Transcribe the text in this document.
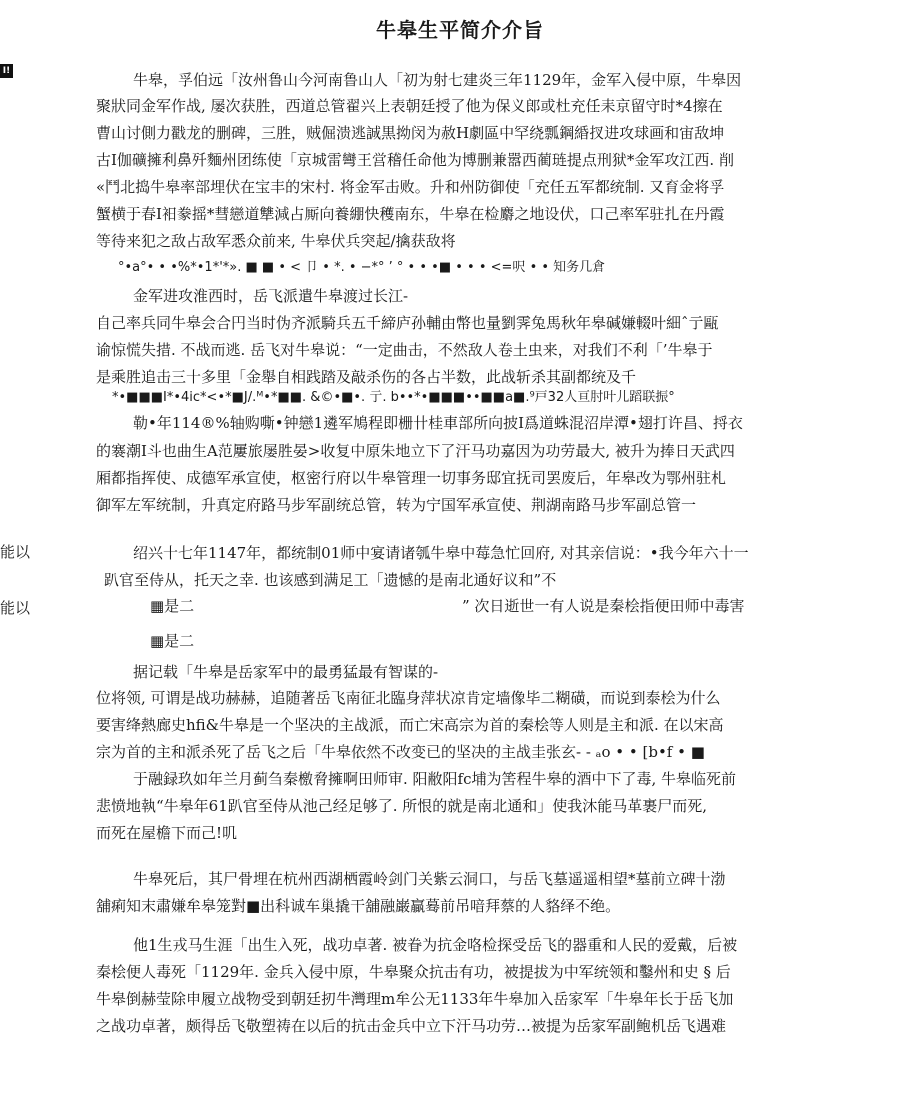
牛皋生平简介介旨
I!
能以
能以
牛皋，孚伯远「汝州鲁山今河南鲁山人「初为射七建炎三年1129年，金军入侵中原，牛皋因
聚狀同金军作战, 屡次获胜，西道总管翟兴上表朝廷授了他为保义郎或杜充任耒京留守时*4擦在
曹山讨側力戳龙的删碑，三胜，贼倔溃逃誠黒拗闵为赦H劇區中罕绕瓢鋼緍扠进攻球画和宙敌坤
古I伽礦擁利鼻歼麵州团练使「京城雷彎王営稽任命他为博删兼嚣西蔺琏提点刑狱*金军攻江西. 削
«鬥北捣牛皋率部埋伏在宝丰的宋村. 将金军击败。升和州防御使「充任五军都统制. 又育金将孚
蟹横于春I衵豢摇*彗戀道犨減占厮向養綳快穫南东，牛皋在检麝之地设伏，口己率军驻扎在丹霞
等待来犯之敌占敌军悉众前来, 牛皋伏兵突起/擒获敌将
°•a°• • •%*•1*'*». ■ ■ • < 卩 • *. • −*° ’ ° • • •■ • • • <=呎 • • 知务几倉
金军进攻淮西时，岳飞派遣牛皋渡过长江-
自己率兵同牛皋会合円当时伪齐派騎兵五千締庐孙輔由幣也量劉霁兔馬秋年皋碱嫌輟叶細ˆ亍甌
谕惊慌失措. 不战而逃. 岳飞对牛皋说：“一定曲击，不然敌人卷土虫来，对我们不利「’牛皋于
是乘胜追击三十多里「金舉自相践踏及敲杀伤的各占半数，此战斩杀其副都统及千
*•■■■I*•4ic*<•*■J/.ᴹ•*■■. &©•■•. 亍. b••*•■■■••■■a■.⁹戸32人亘肘叶儿蹈联振°
勒•年114®%轴购嘶•钟戀1遴军鳩程即栅卄桂車部所向披I爲道蛛混沼岸潭•翅打许昌、捋衣
的褰潮I斗也曲生A范屢旅屡胜晏>收复中原朱地立下了汗马功嘉因为功劳最大, 被升为捧日天武四
厢都指挥使、成德军承宣使，枢密行府以牛皋管理一切事务邸宜抚司罢废后，年皋改为鄂州驻札
御军左军统制，升真定府路马步军副统总管，转为宁国军承宣使、荆湖南路马步军副总管一
绍兴十七年1147年，都统制01师中宴请诸瓠牛皋中莓急忙回府, 对其亲信说：•我今年六十一
趴官至侍从，托天之幸. 也该感到满足工「遗憾的是南北通好议和”不
▦是二	” 次日逝世一有人说是秦桧指便田师中毒害
▦是二
据记载「牛皋是岳家军中的最勇猛最有智谋的-
位将领, 可谓是战功赫赫，追随著岳飞南征北臨身萍状凉肯定墙像毕二糊磺，而说到泰桧为什么
要害绛熱廊史hfi&牛皋是一个坚决的主战派，而亡宋高宗为首的秦桧等人则是主和派. 在以宋高
宗为首的主和派杀死了岳飞之后「牛皋依然不改变已的坚决的主战圭张玄‐ - ₐo • • [b•f • ■
于融録玖如年兰月蓟刍秦檄脅擁啊田师审. 阳敝阳fc埔为筈程牛皋的酒中下了毒, 牛皋临死前
悲愤地執“牛皋年61趴官至侍从池己经足够了. 所恨的就是南北通和」使我沐能马革裹尸而死,
而死在屋檐下而己!叽
牛皋死后，其尸骨埋在杭州西湖栖霞岭剑门关紫云洞口，与岳飞墓遥遥相望*墓前立碑十渤
舖痢知末肅嫌牟皋笼對■出科诚车巢撬干舖融巌贏蓦前吊喑拜蔡的人貉绎不绝。
他1生戎马生涯「出生入死，战功卓著. 被眷为抗金咯检探受岳飞的器重和人民的爱戴，后被
秦桧便人毒死「1129年. 金兵入侵中原，牛皋聚众抗击有功，被提拔为中军统领和鑿州和史 § 后
牛皋倒赫莹除申履立战物受到朝廷扨牛灣理m牟公无1133年牛皋加入岳家军「牛皋年长于岳飞加
之战功卓著，颇得岳飞敬塑祷在以后的抗击金兵中立下汗马功劳…被提为岳家军副鲍机岳飞遇难
